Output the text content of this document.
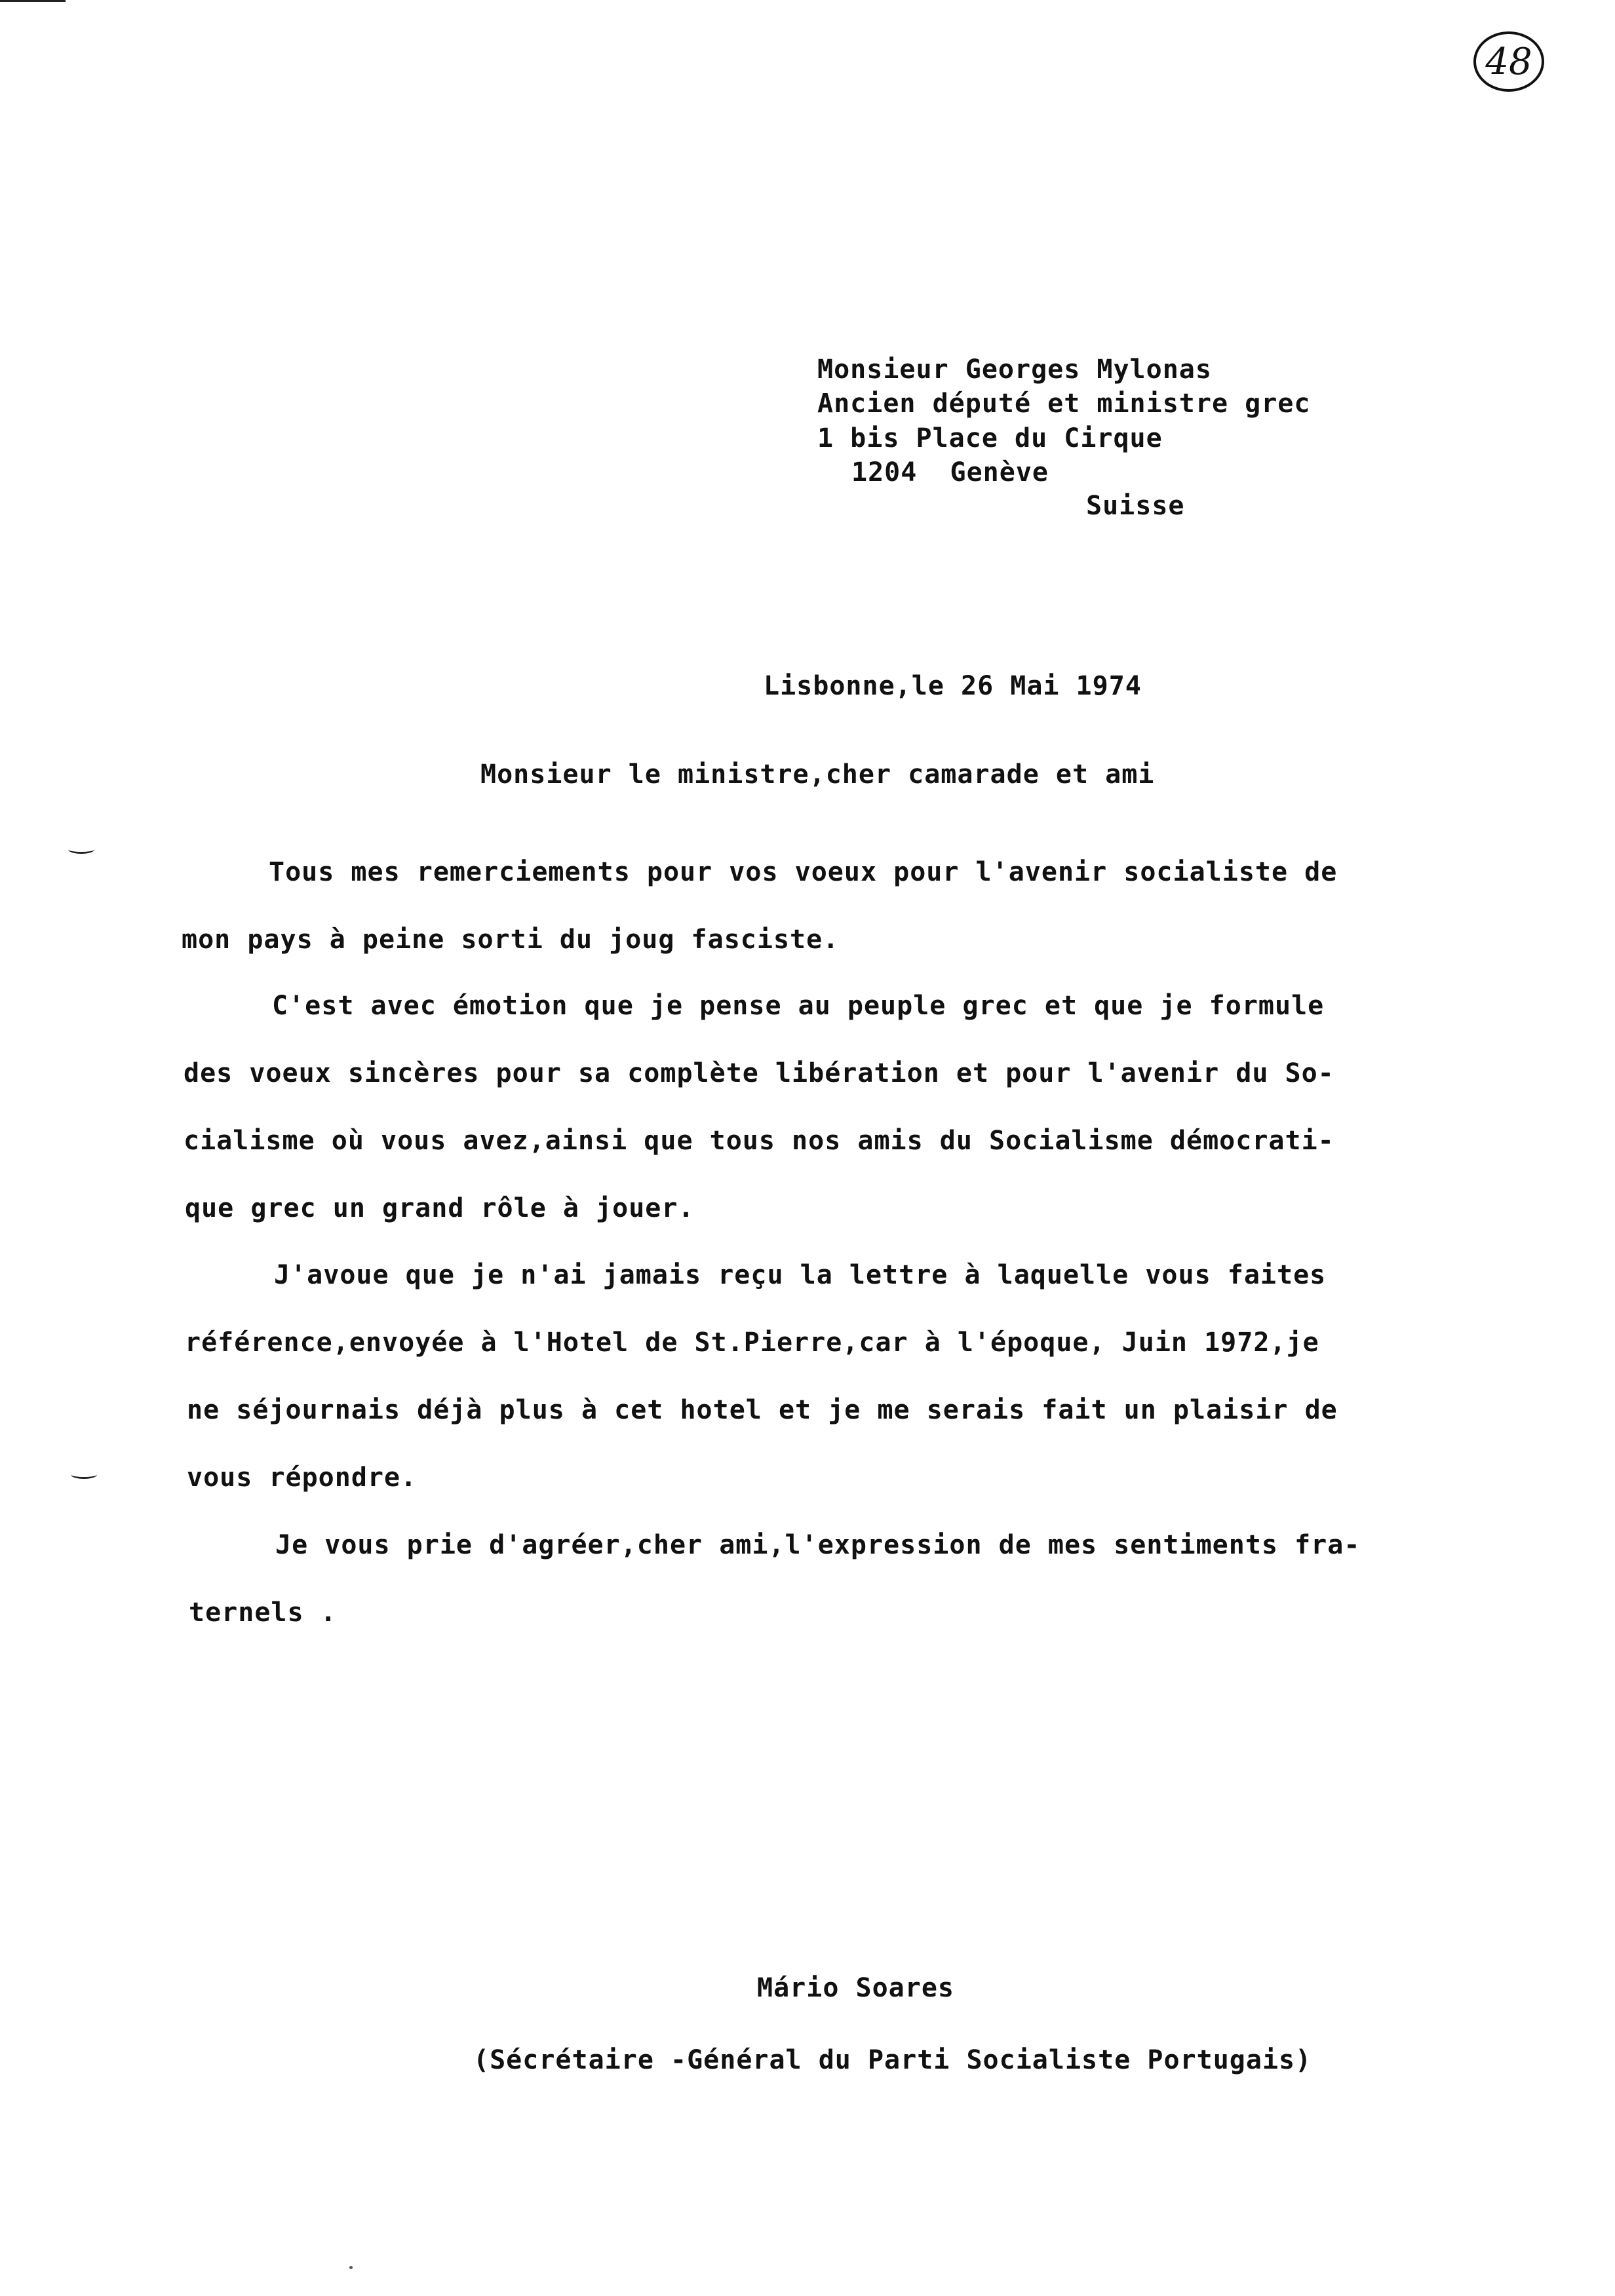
48
Monsieur Georges Mylonas
Ancien député et ministre grec
1 bis Place du Cirque
1204  Genève
Suisse
Lisbonne,le 26 Mai 1974
Monsieur le ministre,cher camarade et ami
Tous mes remerciements pour vos voeux pour l'avenir socialiste de
mon pays à peine sorti du joug fasciste.
C'est avec émotion que je pense au peuple grec et que je formule
des voeux sincères pour sa complète libération et pour l'avenir du So-
cialisme où vous avez,ainsi que tous nos amis du Socialisme démocrati-
que grec un grand rôle à jouer.
J'avoue que je n'ai jamais reçu la lettre à laquelle vous faites
référence,envoyée à l'Hotel de St.Pierre,car à l'époque, Juin 1972,je
ne séjournais déjà plus à cet hotel et je me serais fait un plaisir de
vous répondre.
Je vous prie d'agréer,cher ami,l'expression de mes sentiments fra-
ternels .
Mário Soares
(Sécrétaire -Général du Parti Socialiste Portugais)
